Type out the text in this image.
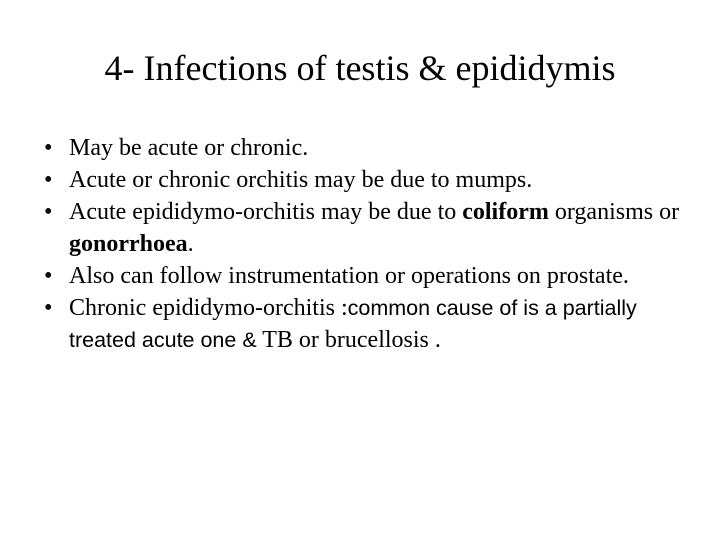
4- Infections of testis & epididymis
• May be acute or chronic.
• Acute or chronic orchitis may be due to mumps.
• Acute epididymo-orchitis may be due to coliform organisms or gonorrhoea.
• Also can follow instrumentation or operations on prostate.
• Chronic epididymo-orchitis :common cause of is a partially treated acute one & TB or brucellosis .
